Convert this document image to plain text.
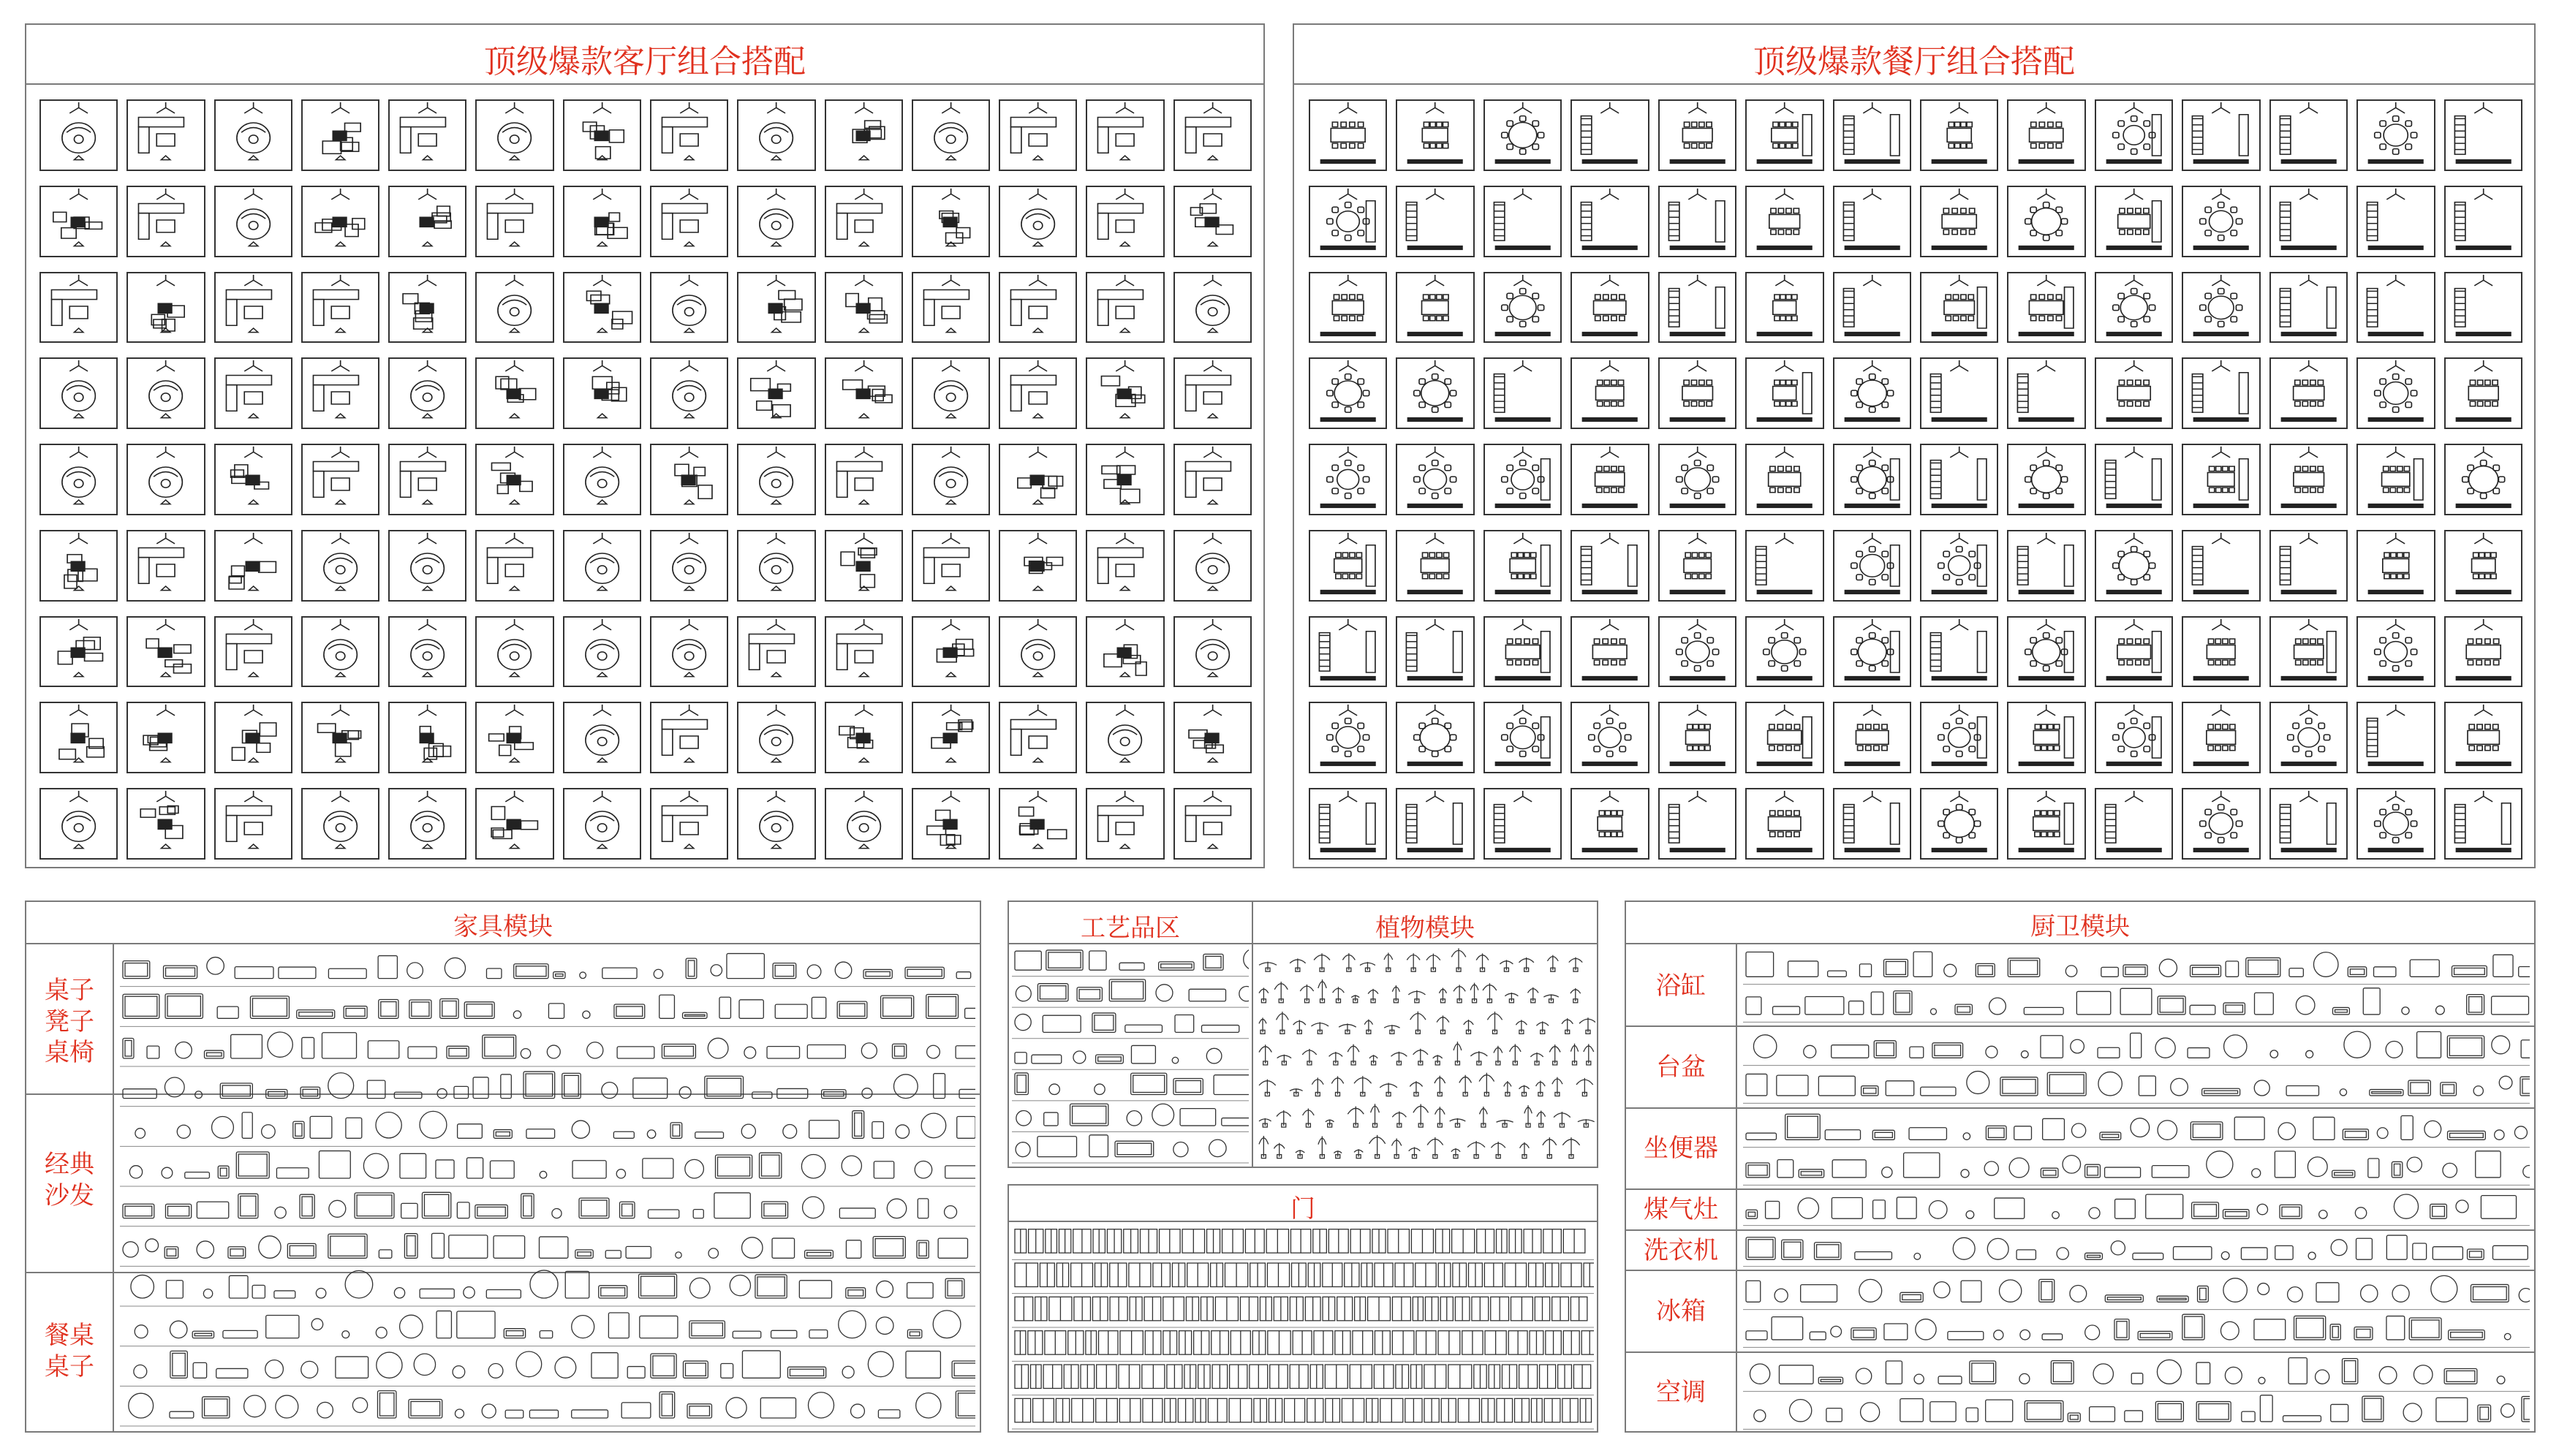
顶级爆款客厅组合搭配	顶级爆款餐厅组合搭配
家具模块
桌子
凳子
桌椅
经典
沙发
餐桌
桌子
工艺品区	植物模块
门
厨卫模块
浴缸
台盆
坐便器
煤气灶
洗衣机
冰箱
空调
